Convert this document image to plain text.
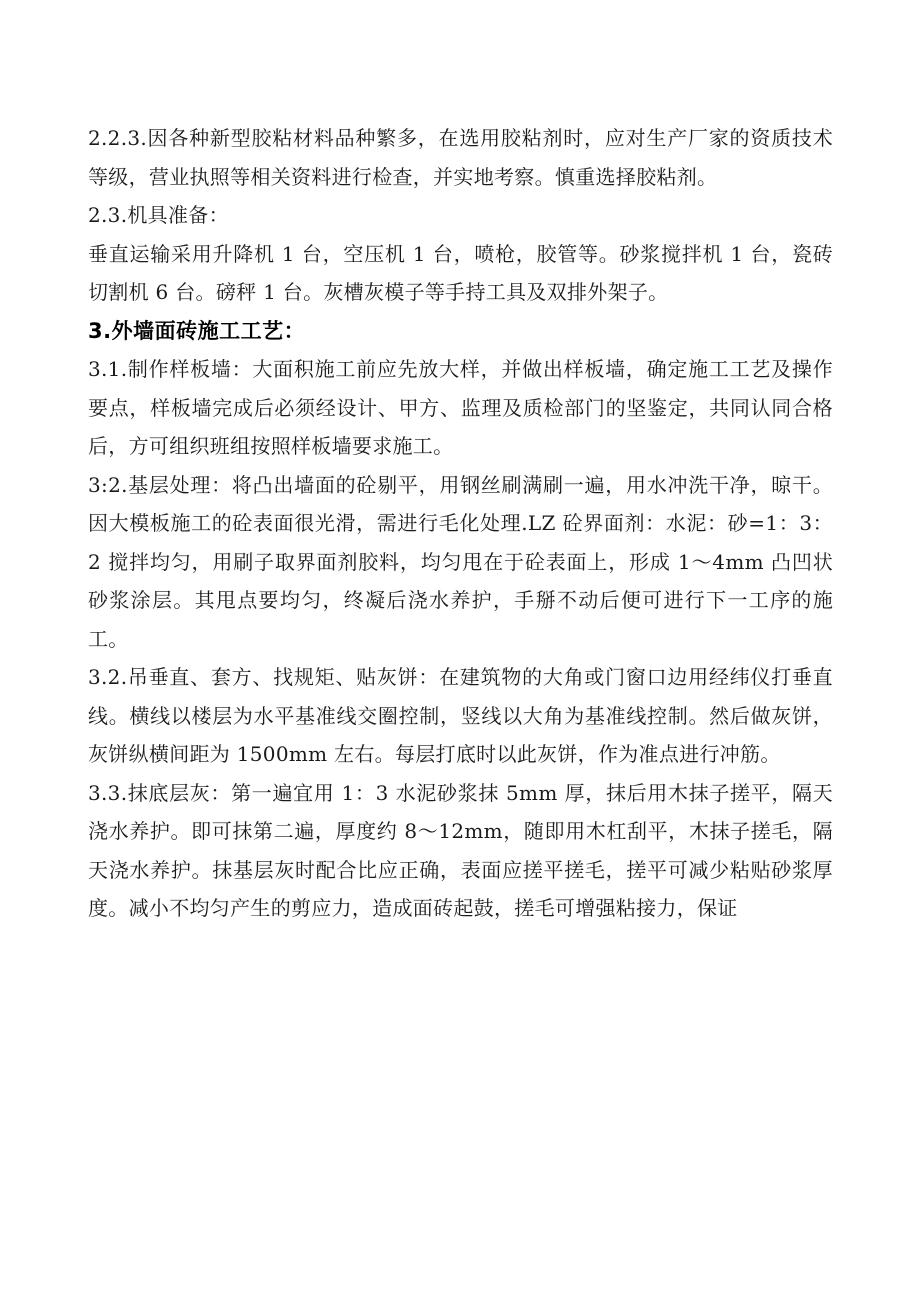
2.2.3.因各种新型胶粘材料品种繁多，在选用胶粘剂时，应对生产厂家的资质技术等级，营业执照等相关资料进行检查，并实地考察。慎重选择胶粘剂。

2.3.机具准备：

垂直运输采用升降机 1 台，空压机 1 台，喷枪，胶管等。砂浆搅拌机 1 台，瓷砖切割机 6 台。磅秤 1 台。灰槽灰模子等手持工具及双排外架子。

3.外墙面砖施工工艺：

3.1.制作样板墙：大面积施工前应先放大样，并做出样板墙，确定施工工艺及操作要点，样板墙完成后必须经设计、甲方、监理及质检部门的坚鉴定，共同认同合格后，方可组织班组按照样板墙要求施工。

3:2.基层处理：将凸出墙面的砼剔平，用钢丝刷满刷一遍，用水冲洗干净，晾干。因大模板施工的砼表面很光滑，需进行毛化处理.LZ 砼界面剂：水泥：砂=1：3：2 搅拌均匀，用刷子取界面剂胶料，均匀甩在于砼表面上，形成 1～4mm 凸凹状砂浆涂层。其甩点要均匀，终凝后浇水养护，手掰不动后便可进行下一工序的施工。

3.2.吊垂直、套方、找规矩、贴灰饼：在建筑物的大角或门窗口边用经纬仪打垂直线。横线以楼层为水平基准线交圈控制，竖线以大角为基准线控制。然后做灰饼，灰饼纵横间距为 1500mm 左右。每层打底时以此灰饼，作为准点进行冲筋。

3.3.抹底层灰：第一遍宜用 1：3 水泥砂浆抹 5mm 厚，抹后用木抹子搓平，隔天浇水养护。即可抹第二遍，厚度约 8～12mm，随即用木杠刮平，木抹子搓毛，隔天浇水养护。抹基层灰时配合比应正确，表面应搓平搓毛，搓平可减少粘贴砂浆厚度。减小不均匀产生的剪应力，造成面砖起鼓，搓毛可增强粘接力，保证
